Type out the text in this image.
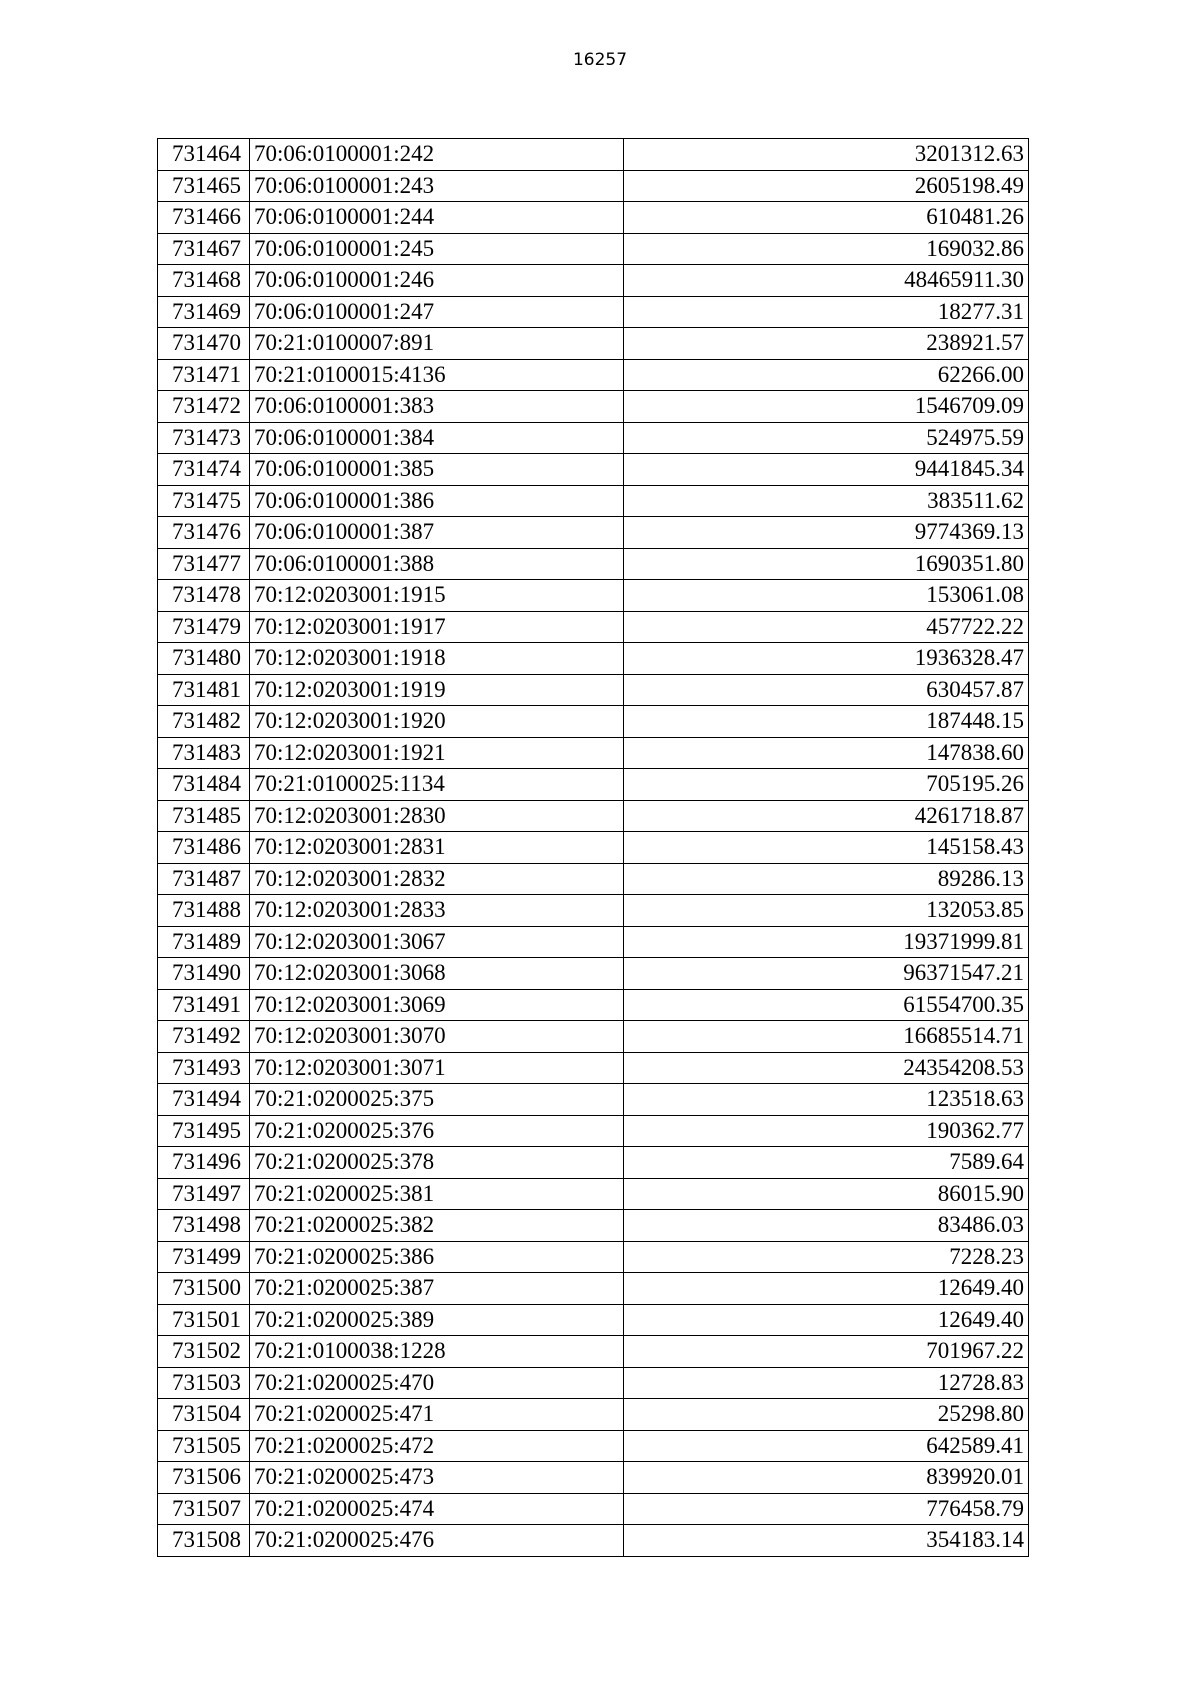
16257
731464	70:06:0100001:242	3201312.63
731465	70:06:0100001:243	2605198.49
731466	70:06:0100001:244	610481.26
731467	70:06:0100001:245	169032.86
731468	70:06:0100001:246	48465911.30
731469	70:06:0100001:247	18277.31
731470	70:21:0100007:891	238921.57
731471	70:21:0100015:4136	62266.00
731472	70:06:0100001:383	1546709.09
731473	70:06:0100001:384	524975.59
731474	70:06:0100001:385	9441845.34
731475	70:06:0100001:386	383511.62
731476	70:06:0100001:387	9774369.13
731477	70:06:0100001:388	1690351.80
731478	70:12:0203001:1915	153061.08
731479	70:12:0203001:1917	457722.22
731480	70:12:0203001:1918	1936328.47
731481	70:12:0203001:1919	630457.87
731482	70:12:0203001:1920	187448.15
731483	70:12:0203001:1921	147838.60
731484	70:21:0100025:1134	705195.26
731485	70:12:0203001:2830	4261718.87
731486	70:12:0203001:2831	145158.43
731487	70:12:0203001:2832	89286.13
731488	70:12:0203001:2833	132053.85
731489	70:12:0203001:3067	19371999.81
731490	70:12:0203001:3068	96371547.21
731491	70:12:0203001:3069	61554700.35
731492	70:12:0203001:3070	16685514.71
731493	70:12:0203001:3071	24354208.53
731494	70:21:0200025:375	123518.63
731495	70:21:0200025:376	190362.77
731496	70:21:0200025:378	7589.64
731497	70:21:0200025:381	86015.90
731498	70:21:0200025:382	83486.03
731499	70:21:0200025:386	7228.23
731500	70:21:0200025:387	12649.40
731501	70:21:0200025:389	12649.40
731502	70:21:0100038:1228	701967.22
731503	70:21:0200025:470	12728.83
731504	70:21:0200025:471	25298.80
731505	70:21:0200025:472	642589.41
731506	70:21:0200025:473	839920.01
731507	70:21:0200025:474	776458.79
731508	70:21:0200025:476	354183.14
